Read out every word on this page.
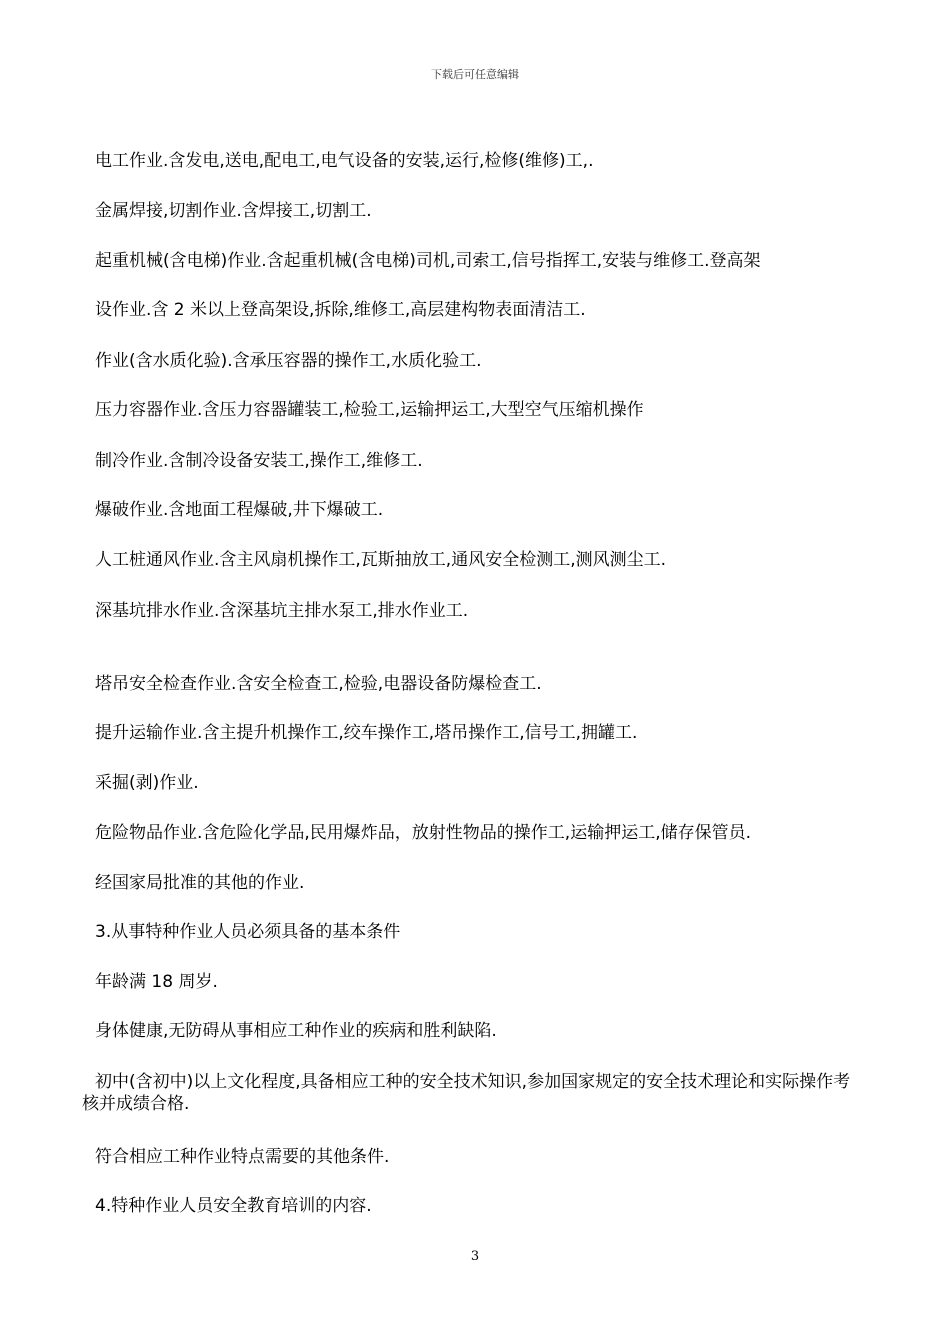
下载后可任意编辑
电工作业.含发电,送电,配电工,电气设备的安装,运行,检修(维修)工,.
金属焊接,切割作业.含焊接工,切割工.
起重机械(含电梯)作业.含起重机械(含电梯)司机,司索工,信号指挥工,安装与维修工.登高架
设作业.含 2 米以上登高架设,拆除,维修工,高层建构物表面清洁工.
作业(含水质化验).含承压容器的操作工,水质化验工.
压力容器作业.含压力容器罐装工,检验工,运输押运工,大型空气压缩机操作
制冷作业.含制冷设备安装工,操作工,维修工.
爆破作业.含地面工程爆破,井下爆破工.
人工桩通风作业.含主风扇机操作工,瓦斯抽放工,通风安全检测工,测风测尘工.
深基坑排水作业.含深基坑主排水泵工,排水作业工.
塔吊安全检查作业.含安全检查工,检验,电器设备防爆检查工.
提升运输作业.含主提升机操作工,绞车操作工,塔吊操作工,信号工,拥罐工.
采掘(剥)作业.
危险物品作业.含危险化学品,民用爆炸品，放射性物品的操作工,运输押运工,储存保管员.
经国家局批准的其他的作业.
3.从事特种作业人员必须具备的基本条件
年龄满 18 周岁.
身体健康,无防碍从事相应工种作业的疾病和胜利缺陷.
初中(含初中)以上文化程度,具备相应工种的安全技术知识,参加国家规定的安全技术理论和实际操作考核并成绩合格.
符合相应工种作业特点需要的其他条件.
4.特种作业人员安全教育培训的内容.
3
